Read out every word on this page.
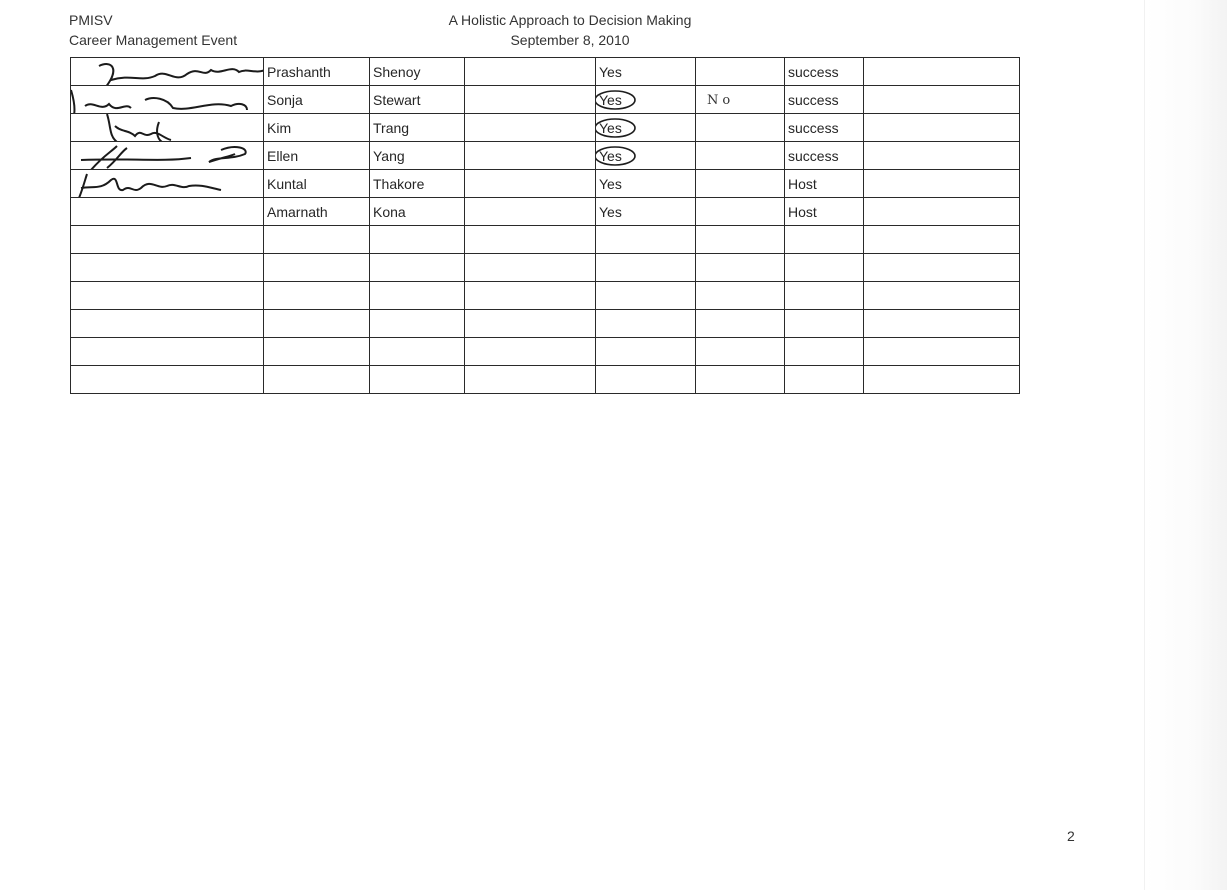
PMISV
Career Management Event
A Holistic Approach to Decision Making
September 8, 2010
	Prashanth	Shenoy		Yes		success	

	Sonja	Stewart		Yes	No	success	

	Kim	Trang		Yes		success	

	Ellen	Yang		Yes		success	

	Kuntal	Thakore		Yes		Host	
	Amarnath	Kona		Yes		Host	

2
